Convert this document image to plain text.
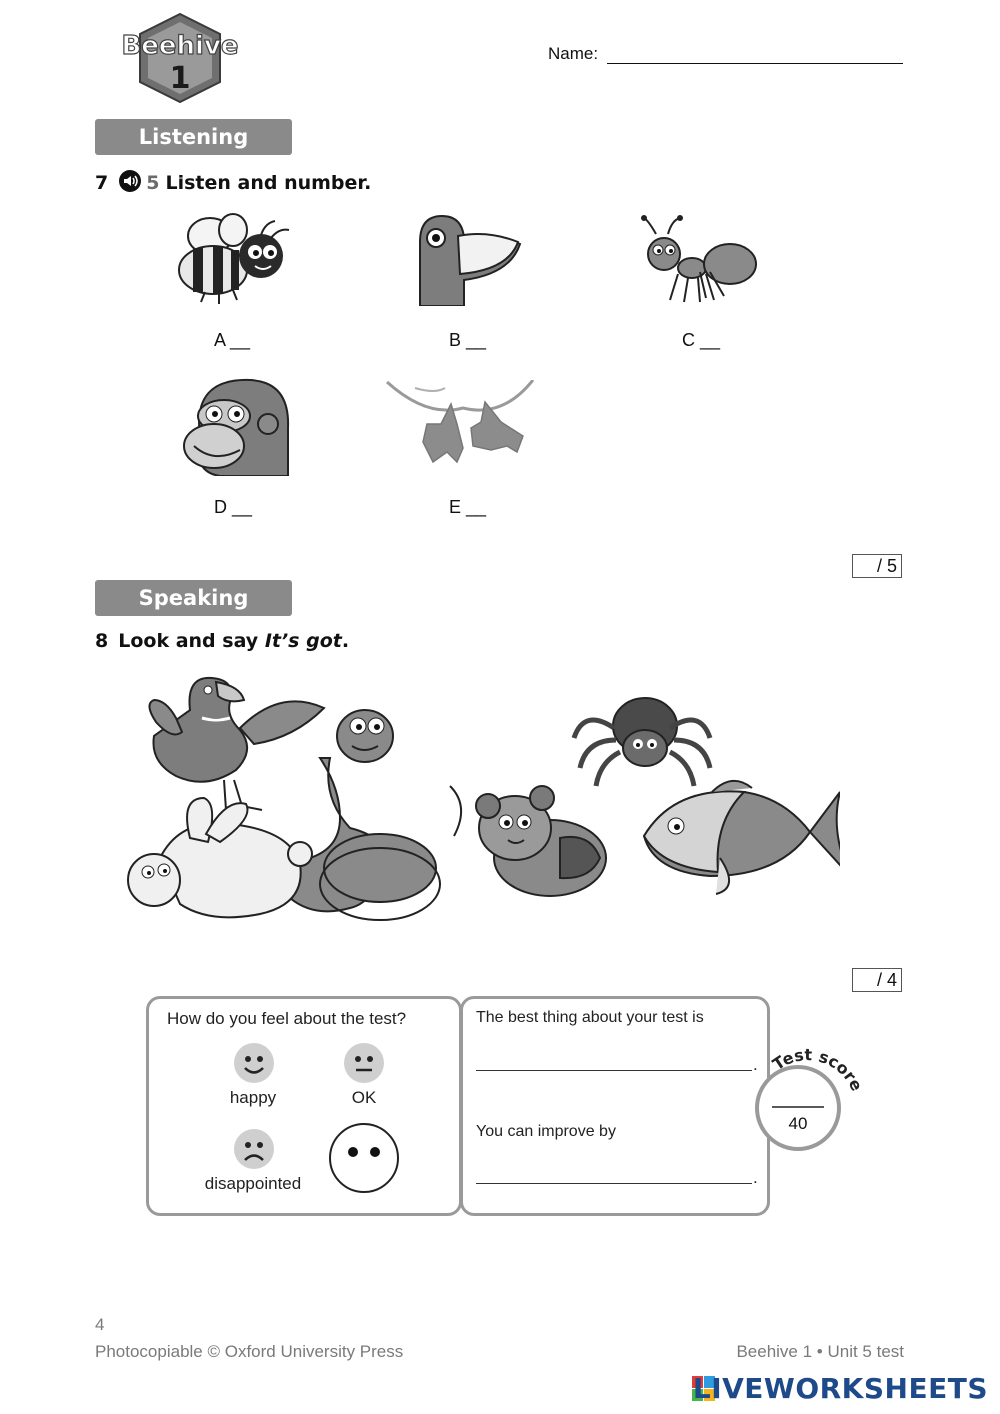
Beehive
1
Name:
Listening
7 5 Listen and number.
A __	B __	C __
D __	E __
/ 5
Speaking
8 Look and say It’s got.
/ 4
How do you feel about the test?
happy	OK
disappointed
The best thing about your test is
.
You can improve by
.
Test score
40
4
Photocopiable © Oxford University Press	Beehive 1 • Unit 5 test
LIVEWORKSHEETS
